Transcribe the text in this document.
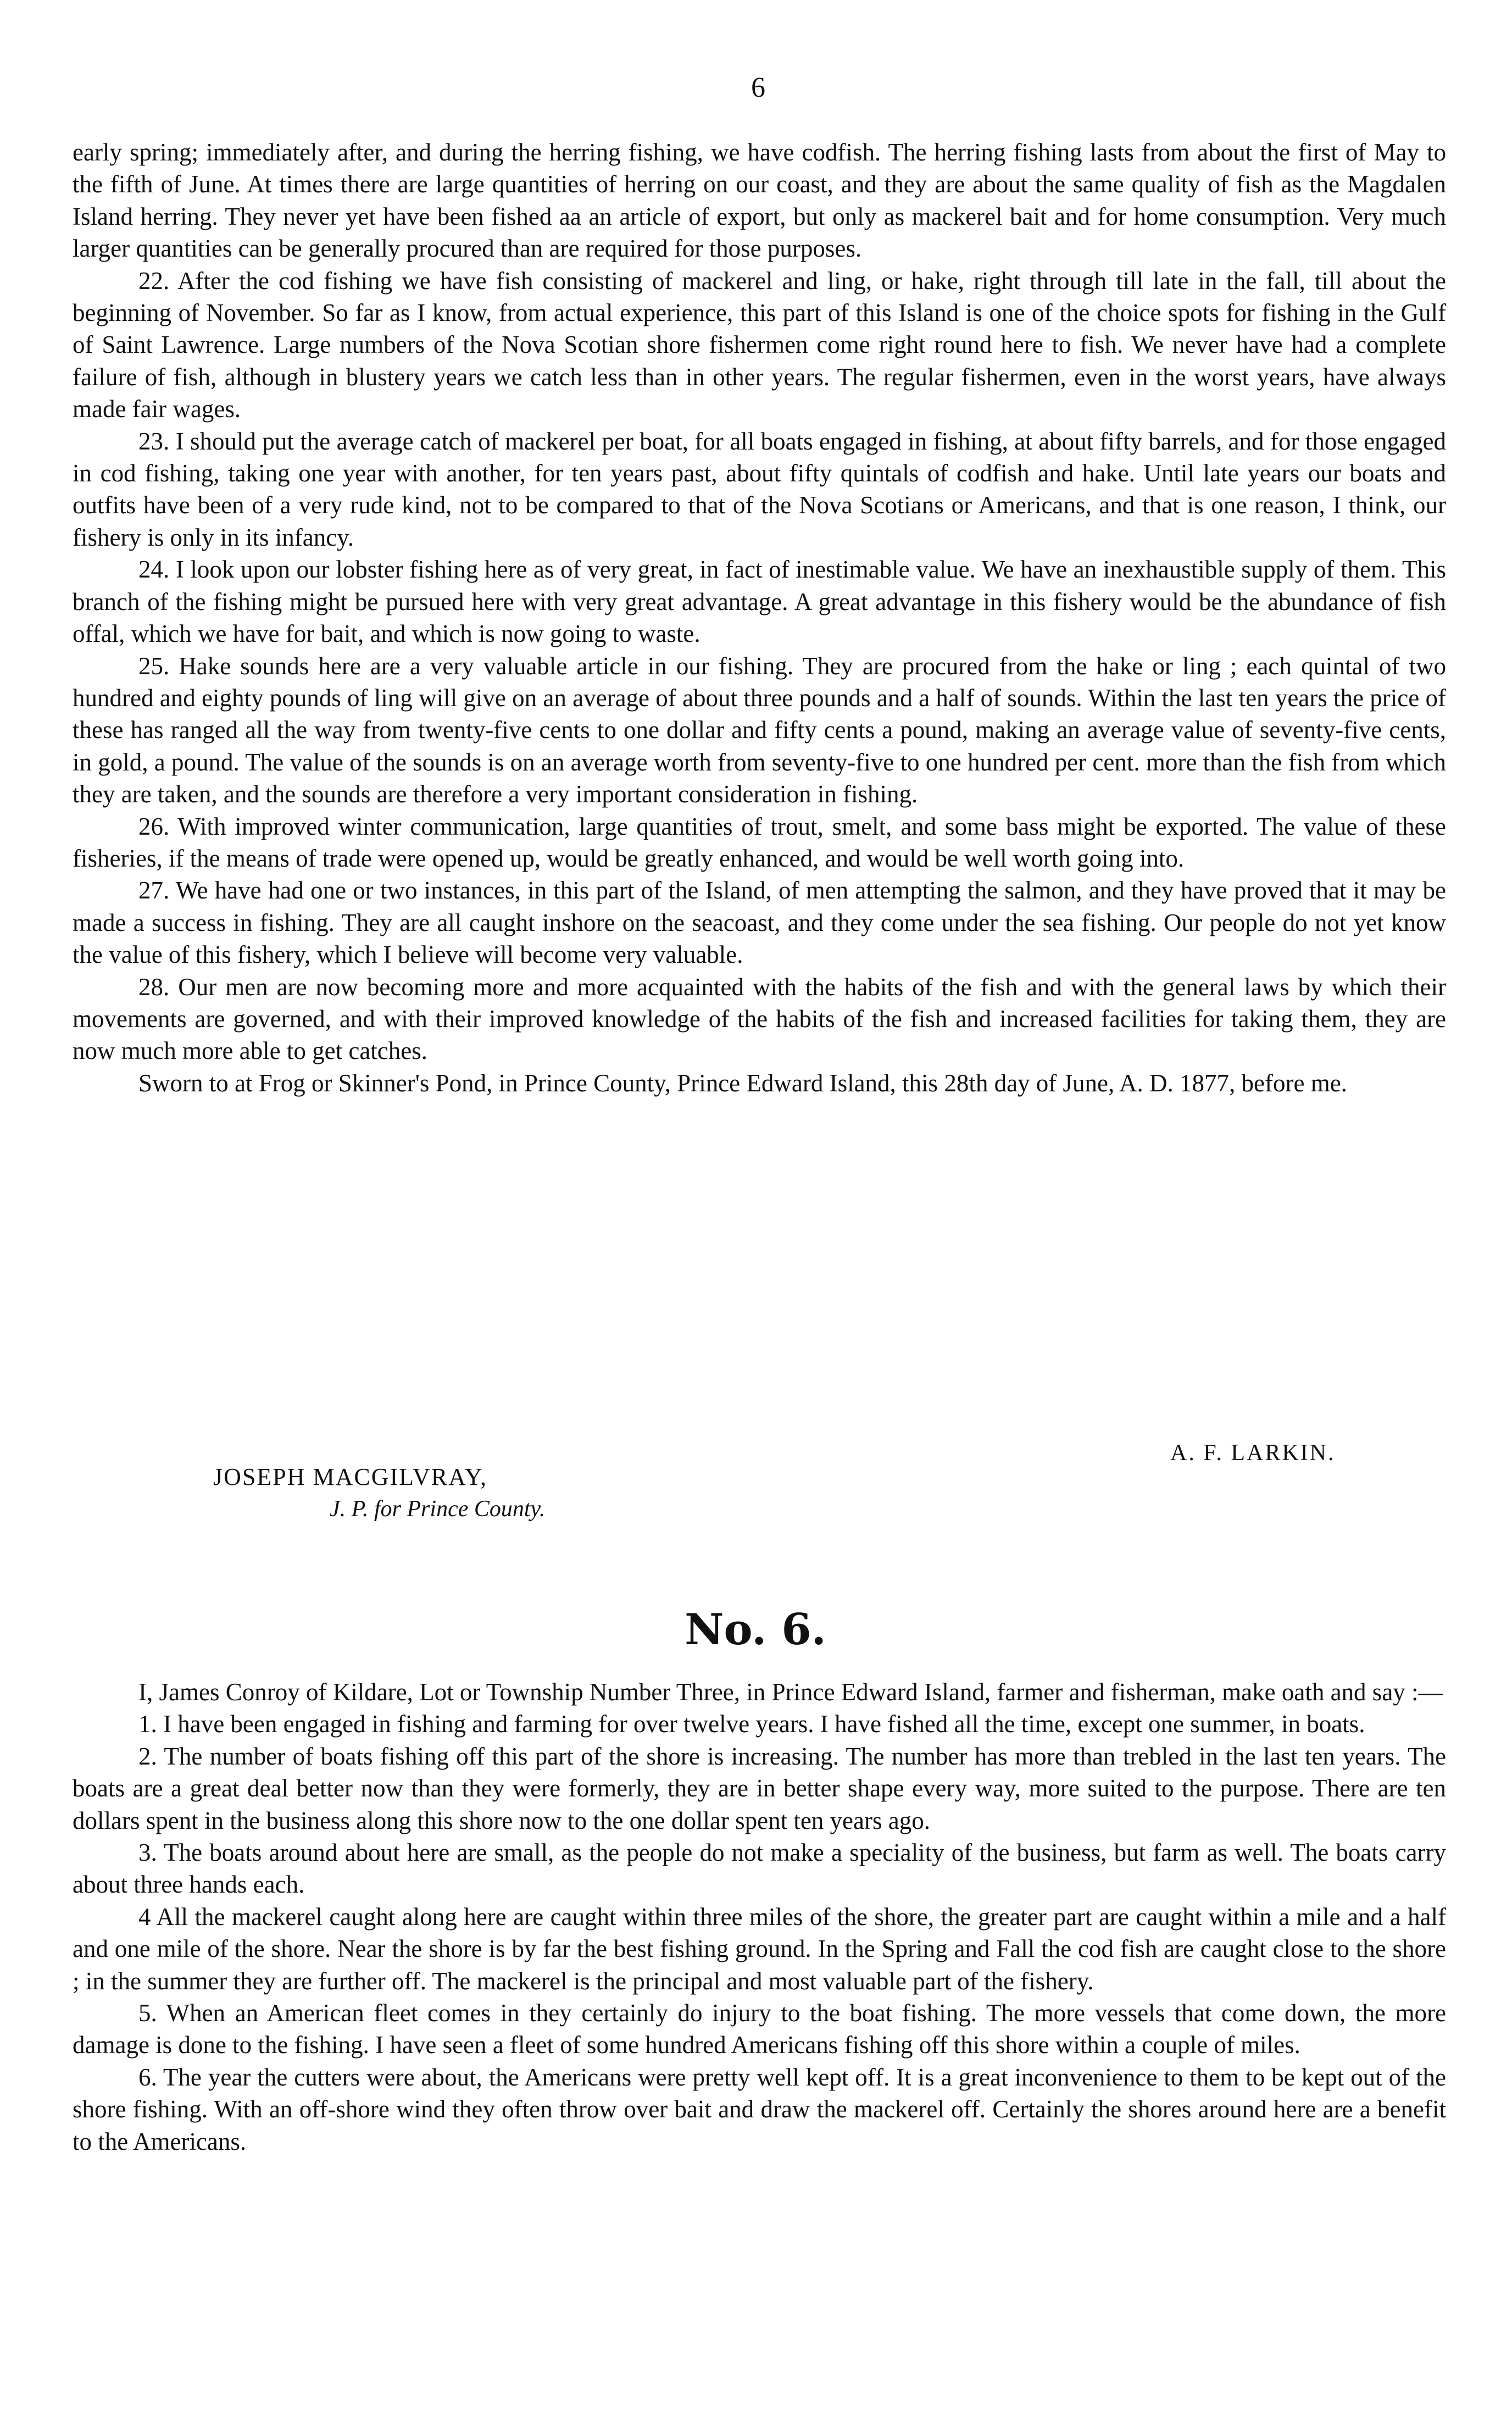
6

early spring; immediately after, and during the herring fishing, we have codfish. The herring fishing lasts from about the first of May to the fifth of June. At times there are large quantities of herring on our coast, and they are about the same quality of fish as the Magdalen Island herring. They never yet have been fished aa an article of export, but only as mackerel bait and for home consumption. Very much larger quantities can be generally procured than are required for those purposes.

22. After the cod fishing we have fish consisting of mackerel and ling, or hake, right through till late in the fall, till about the beginning of November. So far as I know, from actual experience, this part of this Island is one of the choice spots for fishing in the Gulf of Saint Lawrence. Large numbers of the Nova Scotian shore fishermen come right round here to fish. We never have had a complete failure of fish, although in blustery years we catch less than in other years. The regular fishermen, even in the worst years, have always made fair wages.

23. I should put the average catch of mackerel per boat, for all boats engaged in fishing, at about fifty barrels, and for those engaged in cod fishing, taking one year with another, for ten years past, about fifty quintals of codfish and hake. Until late years our boats and outfits have been of a very rude kind, not to be compared to that of the Nova Scotians or Americans, and that is one reason, I think, our fishery is only in its infancy.

24. I look upon our lobster fishing here as of very great, in fact of inestimable value. We have an inexhaustible supply of them. This branch of the fishing might be pursued here with very great advantage. A great advantage in this fishery would be the abundance of fish offal, which we have for bait, and which is now going to waste.

25. Hake sounds here are a very valuable article in our fishing. They are procured from the hake or ling ; each quintal of two hundred and eighty pounds of ling will give on an average of about three pounds and a half of sounds. Within the last ten years the price of these has ranged all the way from twenty-five cents to one dollar and fifty cents a pound, making an average value of seventy-five cents, in gold, a pound. The value of the sounds is on an average worth from seventy-five to one hundred per cent. more than the fish from which they are taken, and the sounds are therefore a very important consideration in fishing.

26. With improved winter communication, large quantities of trout, smelt, and some bass might be exported. The value of these fisheries, if the means of trade were opened up, would be greatly enhanced, and would be well worth going into.

27. We have had one or two instances, in this part of the Island, of men attempting the salmon, and they have proved that it may be made a success in fishing. They are all caught inshore on the seacoast, and they come under the sea fishing. Our people do not yet know the value of this fishery, which I believe will become very valuable.

28. Our men are now becoming more and more acquainted with the habits of the fish and with the general laws by which their movements are governed, and with their improved knowledge of the habits of the fish and increased facilities for taking them, they are now much more able to get catches.

Sworn to at Frog or Skinner's Pond, in Prince County, Prince Edward Island, this 28th day of June, A. D. 1877, before me.

A. F. LARKIN.
JOSEPH MACGILVRAY,
J. P. for Prince County.
No. 6.

I, James Conroy of Kildare, Lot or Township Number Three, in Prince Edward Island, farmer and fisherman, make oath and say :—

1. I have been engaged in fishing and farming for over twelve years. I have fished all the time, except one summer, in boats.

2. The number of boats fishing off this part of the shore is increasing. The number has more than trebled in the last ten years. The boats are a great deal better now than they were formerly, they are in better shape every way, more suited to the purpose. There are ten dollars spent in the business along this shore now to the one dollar spent ten years ago.

3. The boats around about here are small, as the people do not make a speciality of the business, but farm as well. The boats carry about three hands each.

4 All the mackerel caught along here are caught within three miles of the shore, the greater part are caught within a mile and a half and one mile of the shore. Near the shore is by far the best fishing ground. In the Spring and Fall the cod fish are caught close to the shore ; in the summer they are further off. The mackerel is the principal and most valuable part of the fishery.

5. When an American fleet comes in they certainly do injury to the boat fishing. The more vessels that come down, the more damage is done to the fishing. I have seen a fleet of some hundred Americans fishing off this shore within a couple of miles.

6. The year the cutters were about, the Americans were pretty well kept off. It is a great inconvenience to them to be kept out of the shore fishing. With an off-shore wind they often throw over bait and draw the mackerel off. Certainly the shores around here are a benefit to the Americans.
